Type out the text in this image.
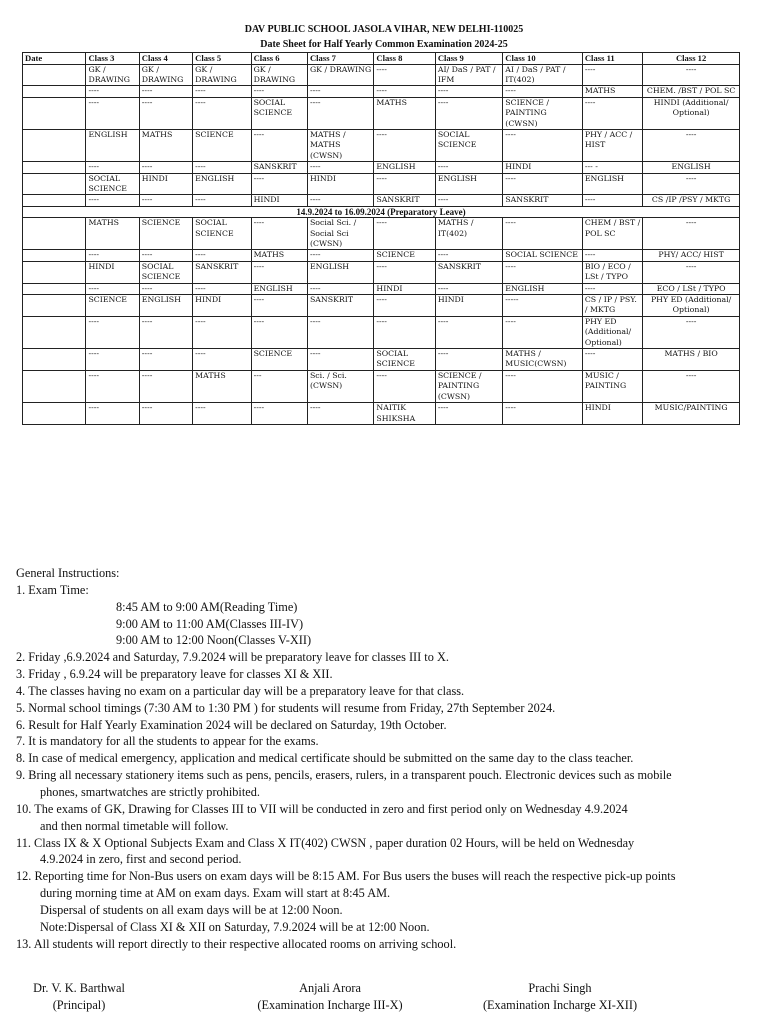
DAV PUBLIC SCHOOL JASOLA VIHAR, NEW DELHI-110025
Date Sheet for Half Yearly Common Examination 2024-25
Date	Class 3	Class 4	Class 5	Class 6	Class 7	Class 8	Class 9	Class 10	Class 11	Class 12
	GK / DRAWING	GK / DRAWING	GK / DRAWING	GK / DRAWING	GK / DRAWING	----	AI/ DaS / PAT / IFM	AI / DaS / PAT / IT(402)	----	----
	----	----	----	----	----	----	----	----	MATHS	CHEM. /BST / POL SC
	----	----	----	SOCIAL SCIENCE	----	MATHS	----	SCIENCE / PAINTING (CWSN)	----	HINDI (Additional/ Optional)
	ENGLISH	MATHS	SCIENCE	----	MATHS / MATHS (CWSN)	----	SOCIAL SCIENCE	----	PHY / ACC / HIST	----
	----	----	----	SANSKRIT	----	ENGLISH	----	HINDI	--- -	ENGLISH
	SOCIAL SCIENCE	HINDI	ENGLISH	----	HINDI	----	ENGLISH	----	ENGLISH	----
	----	----	----	HINDI	----	SANSKRIT	----	SANSKRIT	----	CS /IP /PSY / MKTG
14.9.2024 to 16.09.2024 (Preparatory Leave)										
	MATHS	SCIENCE	SOCIAL SCIENCE	----	Social Sci. / Social Sci (CWSN)	----	MATHS / IT(402)	----	CHEM / BST / POL SC	----
	----	----	----	MATHS	----	SCIENCE	----	SOCIAL SCIENCE	----	PHY/ ACC/ HIST
	HINDI	SOCIAL SCIENCE	SANSKRIT	----	ENGLISH	----	SANSKRIT	----	BIO / ECO / LSt / TYPO	----
	----	----	----	ENGLISH	----	HINDI	----	ENGLISH	----	ECO / LSt / TYPO
	SCIENCE	ENGLISH	HINDI	----	SANSKRIT	----	HINDI	-----	CS / IP / PSY. / MKTG	PHY ED (Additional/ Optional)
	----	----	----	----	----	----	----	----	PHY ED (Additional/ Optional)	----
	----	----	----	SCIENCE	----	SOCIAL SCIENCE	----	MATHS / MUSIC(CWSN)	----	MATHS / BIO
	----	----	MATHS	---	Sci. / Sci.(CWSN)	----	SCIENCE / PAINTING (CWSN)	----	MUSIC / PAINTING	----
	----	----	----	----	----	NAITIK SHIKSHA	----	----	HINDI	MUSIC/PAINTING

General Instructions:

1. Exam Time:

8:45 AM to 9:00 AM(Reading Time)

9:00 AM to 11:00 AM(Classes III-IV)

9:00 AM to 12:00 Noon(Classes V-XII)

2. Friday ,6.9.2024 and Saturday, 7.9.2024 will be preparatory leave for classes III to X.

3. Friday , 6.9.24 will be preparatory leave for classes XI & XII.

4. The classes having no exam on a particular day will be a preparatory leave for that class.

5. Normal school timings (7:30 AM to 1:30 PM ) for students will resume from Friday, 27th September 2024.

6. Result for Half Yearly Examination 2024 will be declared on Saturday, 19th October.

7. It is mandatory for all the students to appear for the exams.

8. In case of medical emergency, application and medical certificate should be submitted on the same day to the class teacher.

9. Bring all necessary stationery items such as pens, pencils, erasers, rulers, in a transparent pouch. Electronic devices such as mobile

phones, smartwatches are strictly prohibited.

10. The exams of GK, Drawing for Classes III to VII will be conducted in zero and first period only on Wednesday 4.9.2024

and then normal timetable will follow.

11. Class IX & X Optional Subjects Exam and Class X IT(402) CWSN , paper duration 02 Hours, will be held on Wednesday

4.9.2024 in zero, first and second period.

12. Reporting time for Non-Bus users on exam days will be 8:15 AM. For Bus users the buses will reach the respective pick-up points

during morning time at AM on exam days. Exam will start at 8:45 AM.

Dispersal of students on all exam days will be at 12:00 Noon.

Note:Dispersal of Class XI & XII on Saturday, 7.9.2024 will be at 12:00 Noon.

13. All students will report directly to their respective allocated rooms on arriving school.

Dr. V. K. Barthwal
(Principal)
Anjali Arora
(Examination Incharge III-X)
Prachi Singh
(Examination Incharge XI-XII)
